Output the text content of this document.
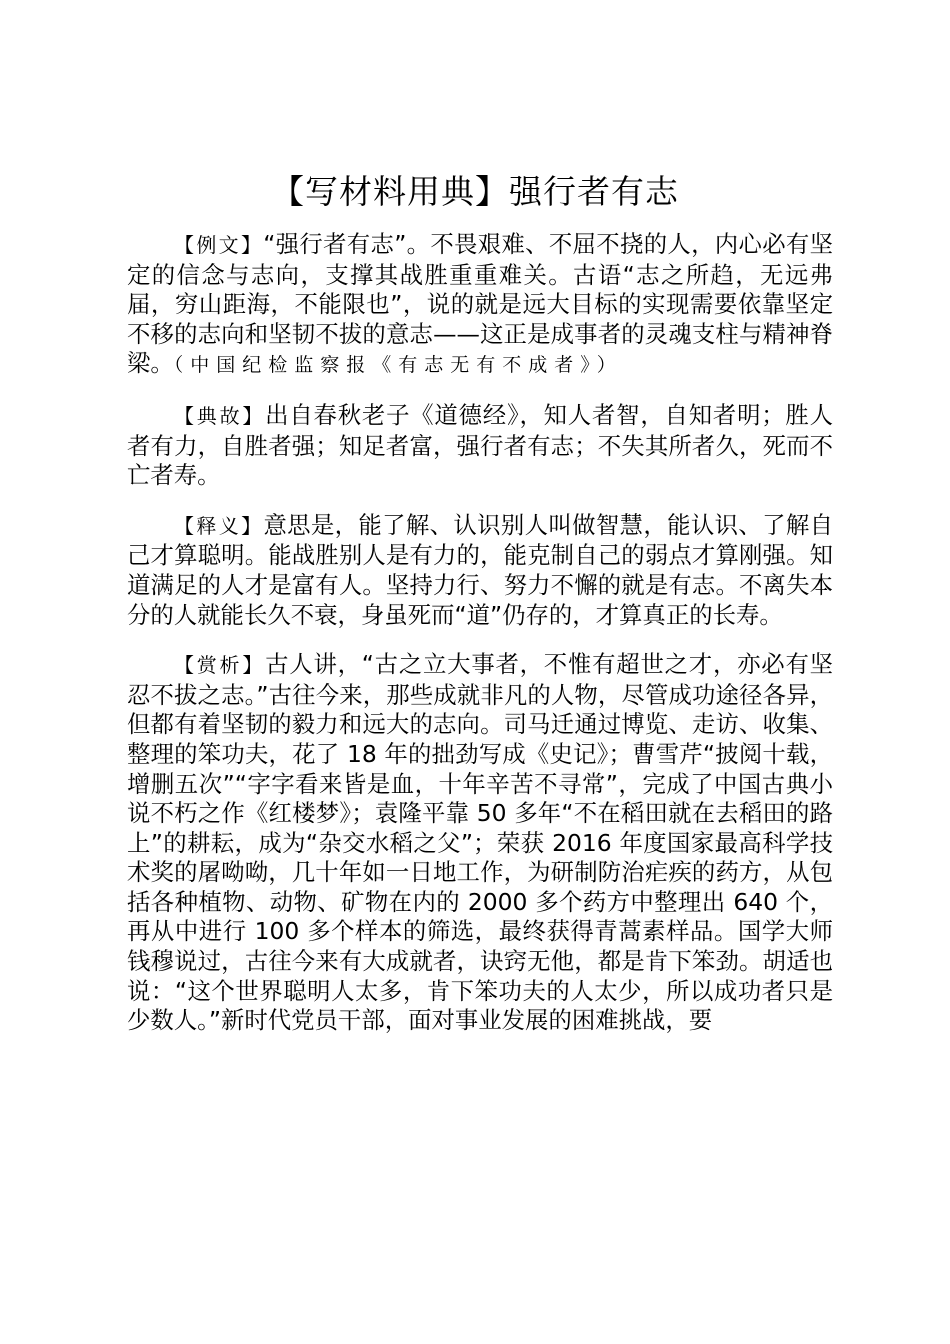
【写材料用典】强行者有志

【例文】“强行者有志”。不畏艰难、不屈不挠的人，内心必有坚定的信念与志向，支撑其战胜重重难关。古语“志之所趋，无远弗届，穷山距海，不能限也”，说的就是远大目标的实现需要依靠坚定不移的志向和坚韧不拔的意志——这正是成事者的灵魂支柱与精神脊梁。（中国纪检监察报《有志无有不成者》）

【典故】出自春秋老子《道德经》，知人者智，自知者明；胜人者有力，自胜者强；知足者富，强行者有志；不失其所者久，死而不亡者寿。

【释义】意思是，能了解、认识别人叫做智慧，能认识、了解自己才算聪明。能战胜别人是有力的，能克制自己的弱点才算刚强。知道满足的人才是富有人。坚持力行、努力不懈的就是有志。不离失本分的人就能长久不衰，身虽死而“道”仍存的，才算真正的长寿。

【赏析】古人讲，“古之立大事者，不惟有超世之才，亦必有坚忍不拔之志。”古往今来，那些成就非凡的人物，尽管成功途径各异，但都有着坚韧的毅力和远大的志向。司马迁通过博览、走访、收集、整理的笨功夫，花了 18 年的拙劲写成《史记》；曹雪芹“披阅十载，增删五次”“字字看来皆是血，十年辛苦不寻常”，完成了中国古典小说不朽之作《红楼梦》；袁隆平靠 50 多年“不在稻田就在去稻田的路上”的耕耘，成为“杂交水稻之父”；荣获 2016 年度国家最高科学技术奖的屠呦呦，几十年如一日地工作，为研制防治疟疾的药方，从包括各种植物、动物、矿物在内的 2000 多个药方中整理出 640 个，再从中进行 100 多个样本的筛选，最终获得青蒿素样品。国学大师钱穆说过，古往今来有大成就者，诀窍无他，都是肯下笨劲。胡适也说：“这个世界聪明人太多，肯下笨功夫的人太少，所以成功者只是少数人。”新时代党员干部，面对事业发展的困难挑战，要
